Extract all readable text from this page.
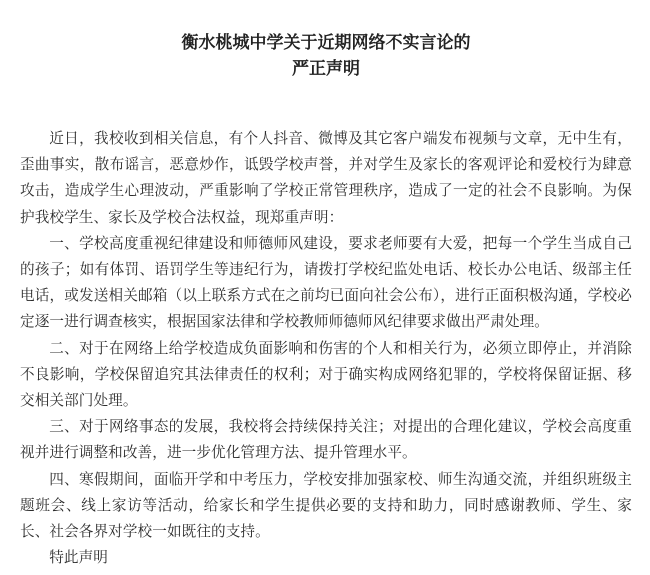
衡水桃城中学关于近期网络不实言论的
严正声明

近日，我校收到相关信息，有个人抖音、微博及其它客户端发布视频与文章，无中生有，歪曲事实，散布谣言，恶意炒作，诋毁学校声誉，并对学生及家长的客观评论和爱校行为肆意攻击，造成学生心理波动，严重影响了学校正常管理秩序，造成了一定的社会不良影响。为保护我校学生、家长及学校合法权益，现郑重声明：

一、学校高度重视纪律建设和师德师风建设，要求老师要有大爱，把每一个学生当成自己的孩子；如有体罚、语罚学生等违纪行为，请拨打学校纪监处电话、校长办公电话、级部主任电话，或发送相关邮箱（以上联系方式在之前均已面向社会公布），进行正面积极沟通，学校必定逐一进行调查核实，根据国家法律和学校教师师德师风纪律要求做出严肃处理。

二、对于在网络上给学校造成负面影响和伤害的个人和相关行为，必须立即停止，并消除不良影响，学校保留追究其法律责任的权利；对于确实构成网络犯罪的，学校将保留证据、移交相关部门处理。

三、对于网络事态的发展，我校将会持续保持关注；对提出的合理化建议，学校会高度重视并进行调整和改善，进一步优化管理方法、提升管理水平。

四、寒假期间，面临开学和中考压力，学校安排加强家校、师生沟通交流，并组织班级主题班会、线上家访等活动，给家长和学生提供必要的支持和助力，同时感谢教师、学生、家长、社会各界对学校一如既往的支持。

特此声明
